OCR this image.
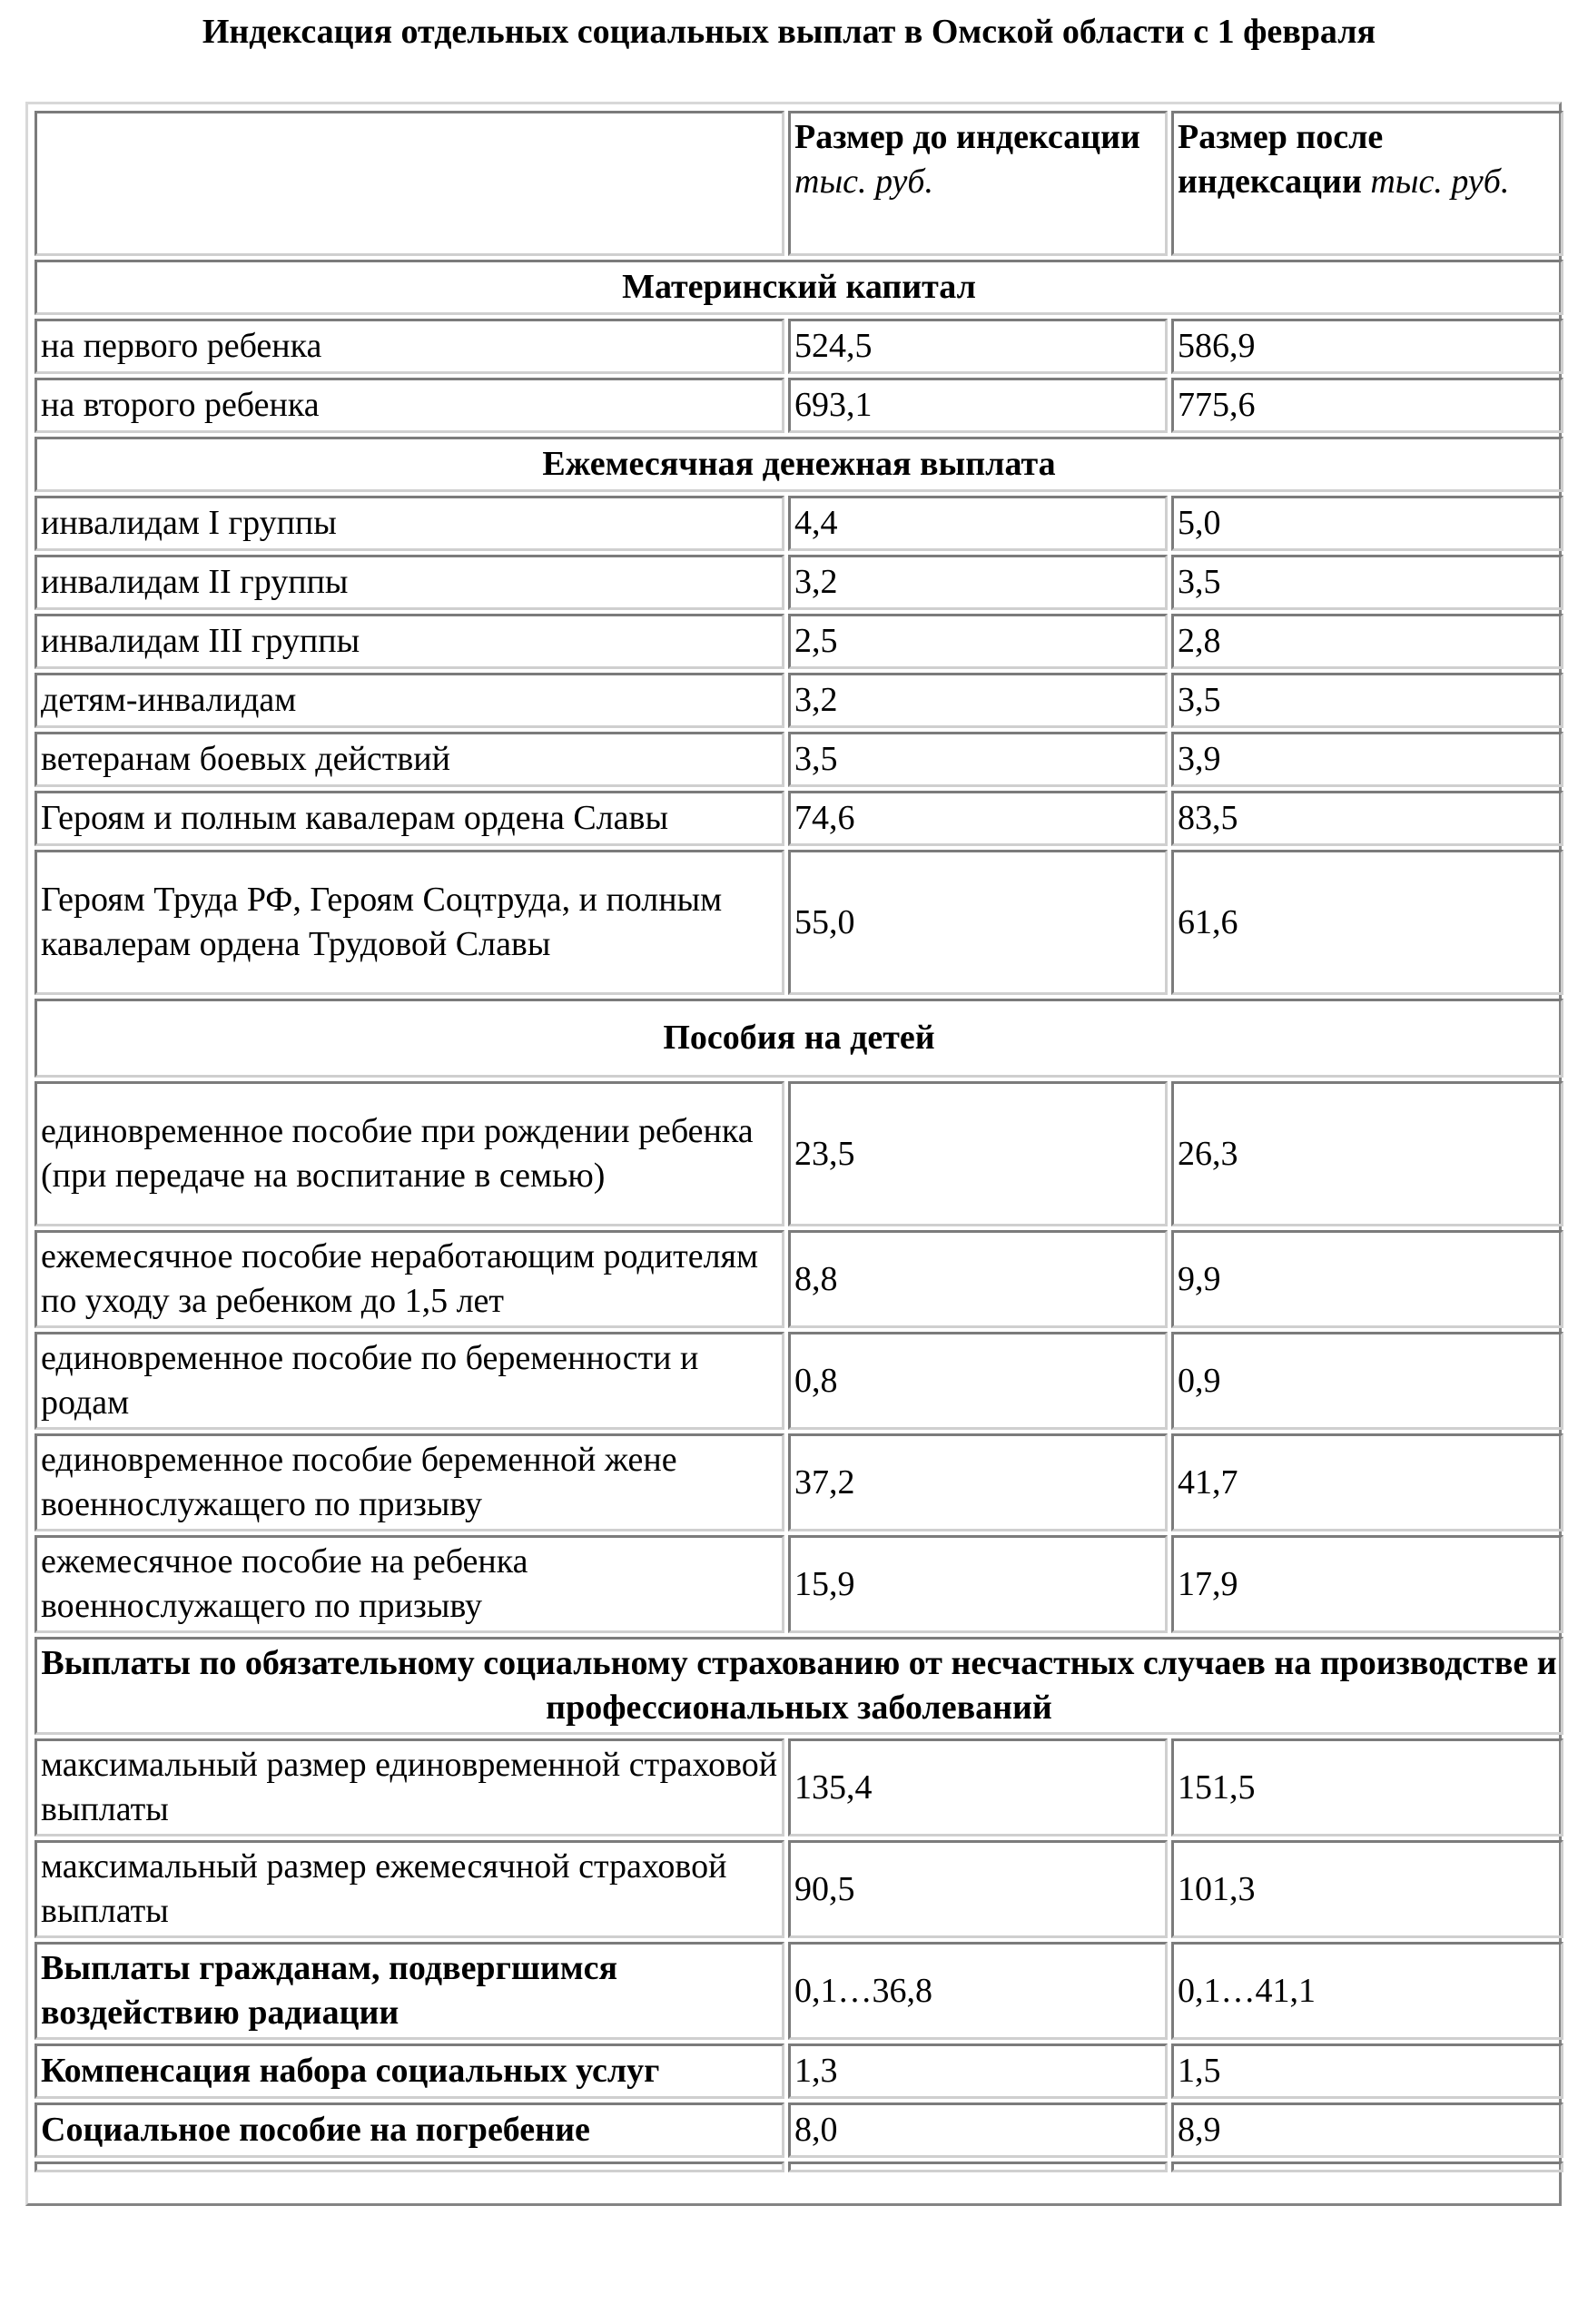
Индексация отдельных социальных выплат в Омской области с 1 февраля
	Размер до индексации тыс. руб.	Размер после индексации тыс. руб.
Материнский капитал		
на первого ребенка	524,5	586,9
на второго ребенка	693,1	775,6
Ежемесячная денежная выплата		
инвалидам I группы	4,4	5,0
инвалидам II группы	3,2	3,5
инвалидам III группы	2,5	2,8
детям-инвалидам	3,2	3,5
ветеранам боевых действий	3,5	3,9
Героям и полным кавалерам ордена Славы	74,6	83,5
Героям Труда РФ, Героям Соцтруда, и полным кавалерам ордена Трудовой Славы	55,0	61,6
Пособия на детей		
единовременное пособие при рождении ребенка (при передаче на воспитание в семью)	23,5	26,3
ежемесячное пособие неработающим родителям по уходу за ребенком до 1,5 лет	8,8	9,9
единовременное пособие по беременности и родам	0,8	0,9
единовременное пособие беременной жене военнослужащего по призыву	37,2	41,7
ежемесячное пособие на ребенка военнослужащего по призыву	15,9	17,9
Выплаты по обязательному социальному страхованию от несчастных случаев на производстве и профессиональных заболеваний		
максимальный размер единовременной страховой выплаты	135,4	151,5
максимальный размер ежемесячной страховой выплаты	90,5	101,3
Выплаты гражданам, подвергшимся воздействию радиации	0,1…36,8	0,1…41,1
Компенсация набора социальных услуг	1,3	1,5
Социальное пособие на погребение	8,0	8,9
